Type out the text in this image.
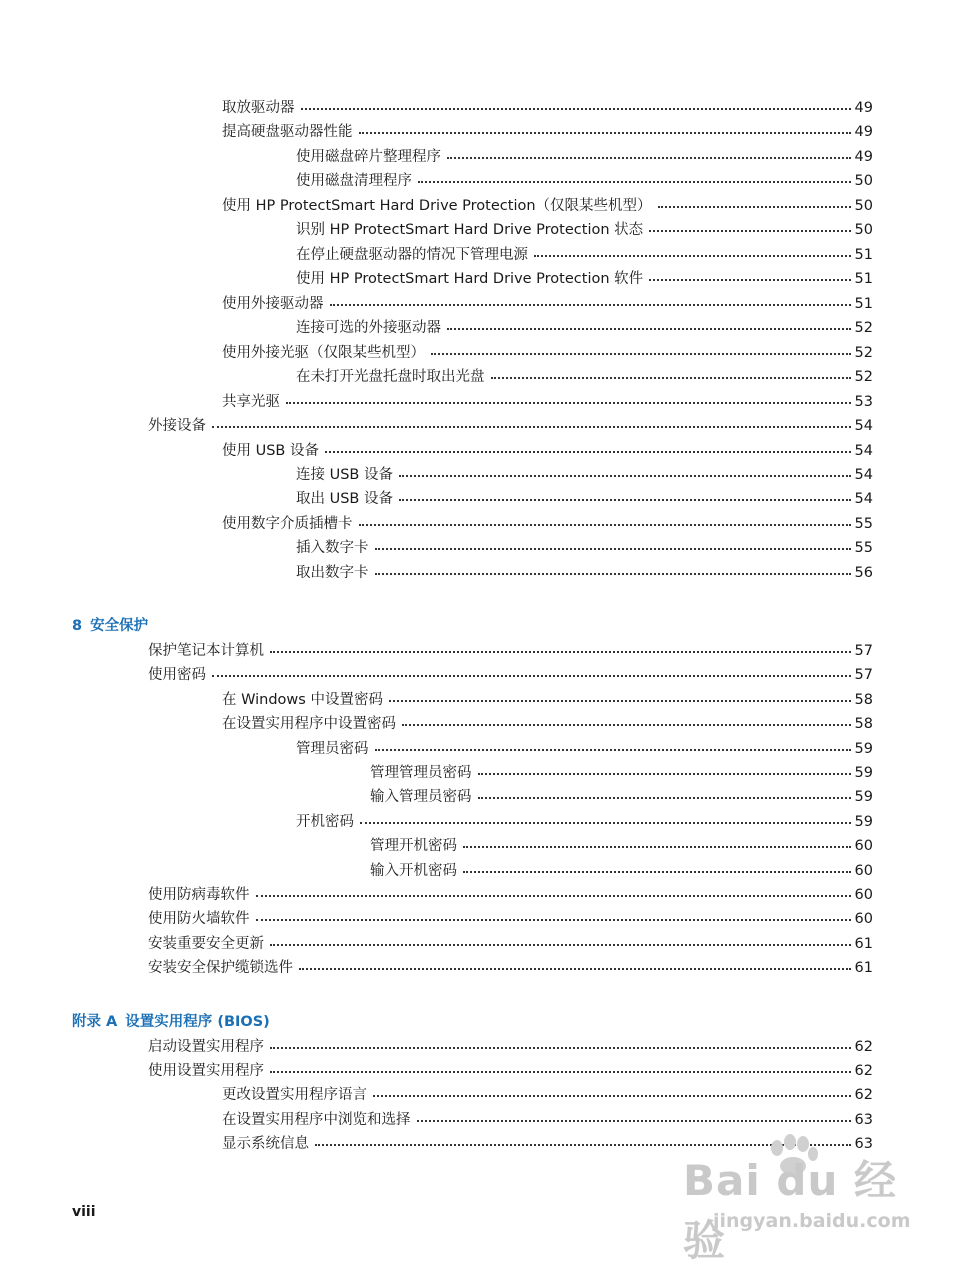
取放驱动器	49
提高硬盘驱动器性能	49
使用磁盘碎片整理程序	49
使用磁盘清理程序	50
使用 HP ProtectSmart Hard Drive Protection（仅限某些机型）	50
识别 HP ProtectSmart Hard Drive Protection 状态	50
在停止硬盘驱动器的情况下管理电源	51
使用 HP ProtectSmart Hard Drive Protection 软件	51
使用外接驱动器	51
连接可选的外接驱动器	52
使用外接光驱（仅限某些机型）	52
在未打开光盘托盘时取出光盘	52
共享光驱	53
外接设备	54
使用 USB 设备	54
连接 USB 设备	54
取出 USB 设备	54
使用数字介质插槽卡	55
插入数字卡	55
取出数字卡	56
8 安全保护
保护笔记本计算机	57
使用密码	57
在 Windows 中设置密码	58
在设置实用程序中设置密码	58
管理员密码	59
管理管理员密码	59
输入管理员密码	59
开机密码	59
管理开机密码	60
输入开机密码	60
使用防病毒软件	60
使用防火墙软件	60
安装重要安全更新	61
安装安全保护缆锁选件	61
附录 A 设置实用程序 (BIOS)
启动设置实用程序	62
使用设置实用程序	62
更改设置实用程序语言	62
在设置实用程序中浏览和选择	63
显示系统信息	63
viii
Bai du 经验
jingyan.baidu.com
